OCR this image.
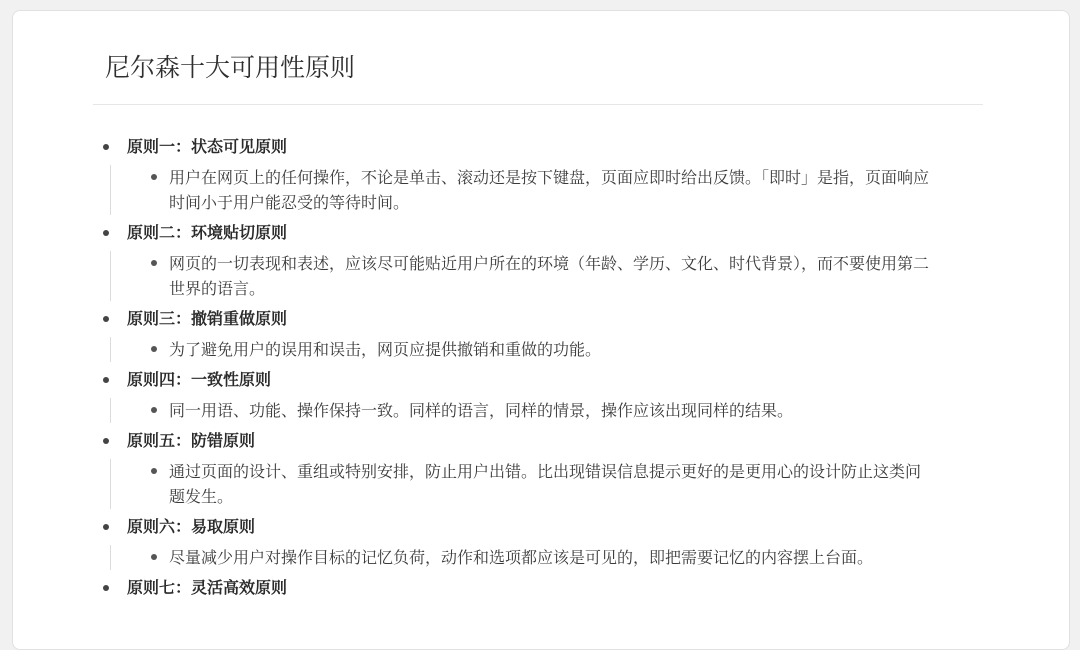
尼尔森十大可用性原则
原则一：状态可见原则
用户在网页上的任何操作，不论是单击、滚动还是按下键盘，页面应即时给出反馈。「即时」是指，页面响应时间小于用户能忍受的等待时间。
原则二：环境贴切原则
网页的一切表现和表述，应该尽可能贴近用户所在的环境（年龄、学历、文化、时代背景），而不要使用第二世界的语言。
原则三：撤销重做原则
为了避免用户的误用和误击，网页应提供撤销和重做的功能。
原则四：一致性原则
同一用语、功能、操作保持一致。同样的语言，同样的情景，操作应该出现同样的结果。
原则五：防错原则
通过页面的设计、重组或特别安排，防止用户出错。比出现错误信息提示更好的是更用心的设计防止这类问题发生。
原则六：易取原则
尽量减少用户对操作目标的记忆负荷，动作和选项都应该是可见的，即把需要记忆的内容摆上台面。
原则七：灵活高效原则
